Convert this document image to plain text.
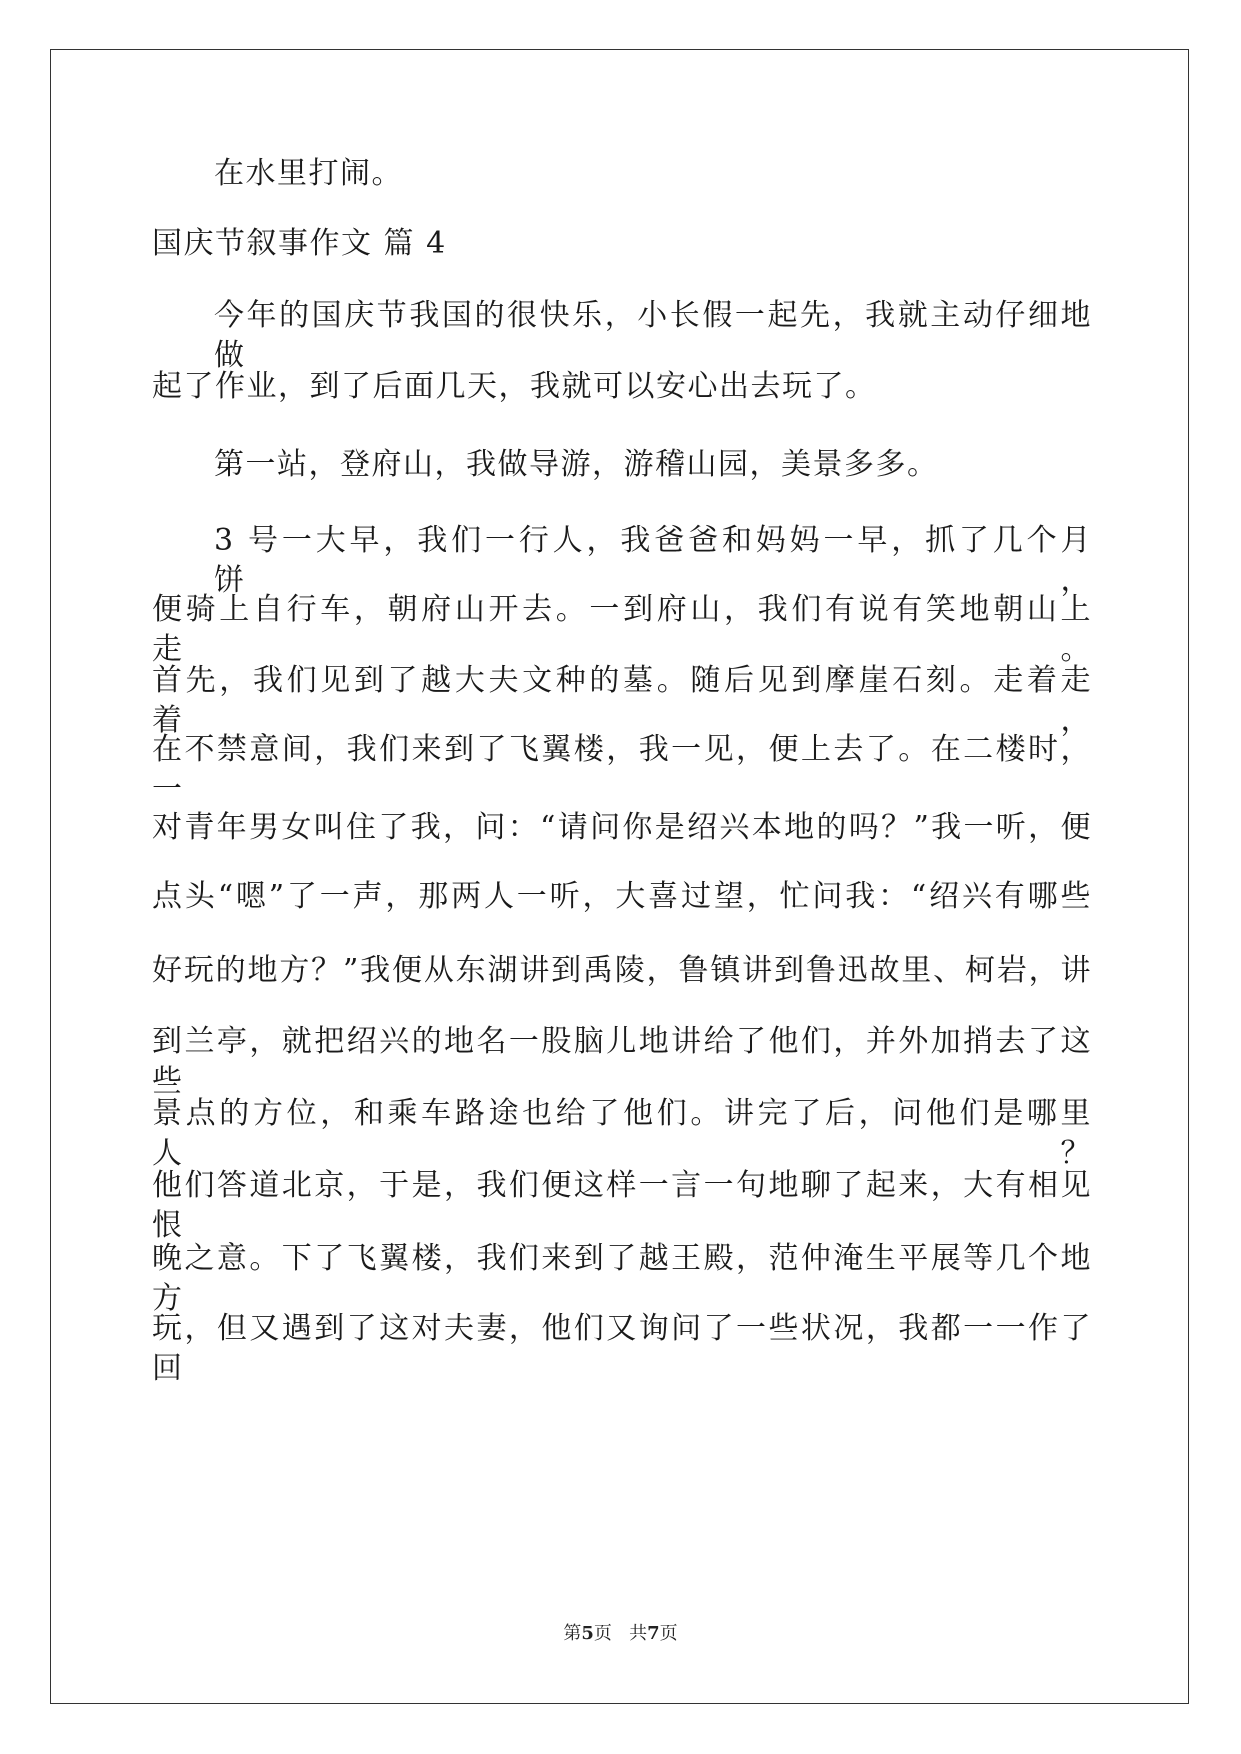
在水里打闹。
国庆节叙事作文 篇 4
今年的国庆节我国的很快乐，小长假一起先，我就主动仔细地做
起了作业，到了后面几天，我就可以安心出去玩了。
第一站，登府山，我做导游，游稽山园，美景多多。
3 号一大早，我们一行人，我爸爸和妈妈一早，抓了几个月饼，
便骑上自行车，朝府山开去。一到府山，我们有说有笑地朝山上走。
首先，我们见到了越大夫文种的墓。随后见到摩崖石刻。走着走着，
在不禁意间，我们来到了飞翼楼，我一见，便上去了。在二楼时，一
对青年男女叫住了我，问：“请问你是绍兴本地的吗？”我一听，便
点头“嗯”了一声，那两人一听，大喜过望，忙问我：“绍兴有哪些
好玩的地方？”我便从东湖讲到禹陵，鲁镇讲到鲁迅故里、柯岩，讲
到兰亭，就把绍兴的地名一股脑儿地讲给了他们，并外加捎去了这些
景点的方位，和乘车路途也给了他们。讲完了后，问他们是哪里人？
他们答道北京，于是，我们便这样一言一句地聊了起来，大有相见恨
晚之意。下了飞翼楼，我们来到了越王殿，范仲淹生平展等几个地方
玩，但又遇到了这对夫妻，他们又询问了一些状况，我都一一作了回
第5页 共7页
